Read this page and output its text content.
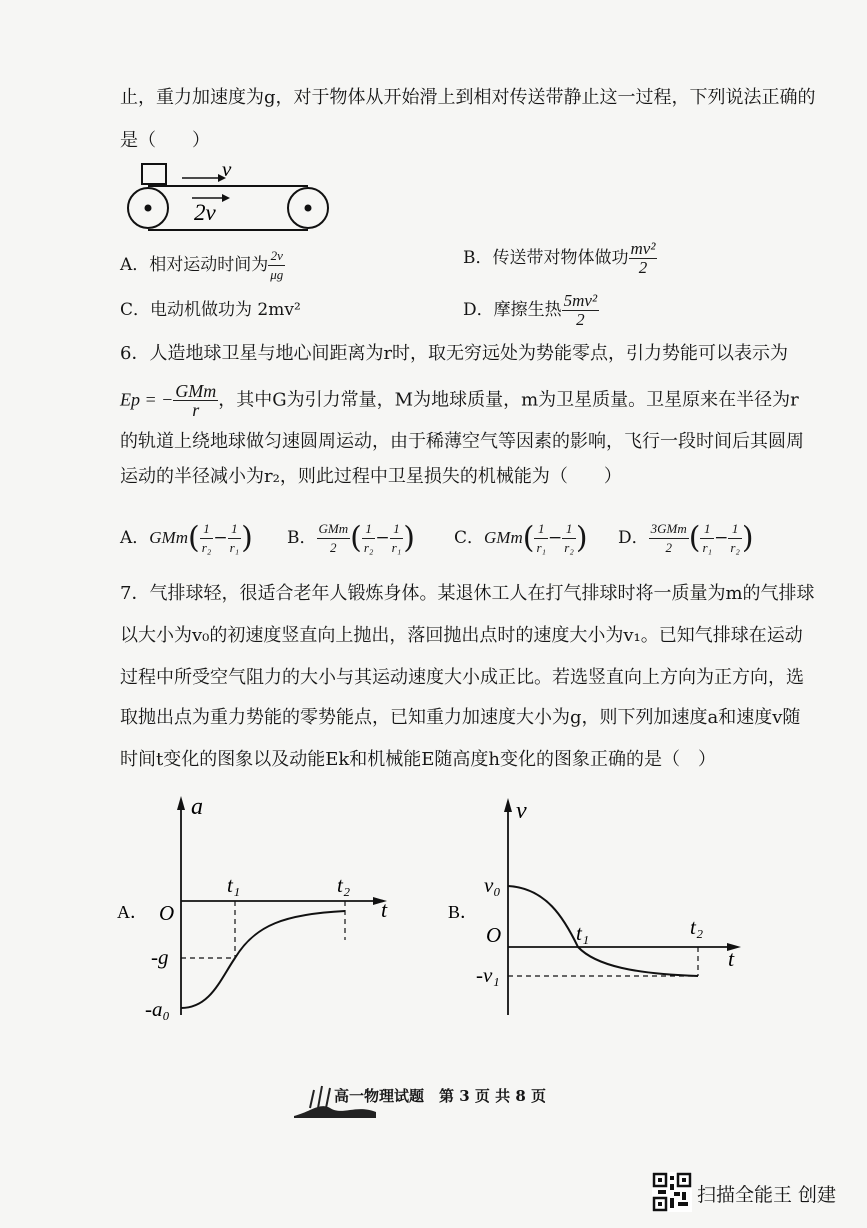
止，重力加速度为g，对于物体从开始滑上到相对传送带静止这一过程，下列说法正确的
是（　　）
v
2v
A．相对运动时间为 $\frac{2v}{\mu g}$	B．传送带对物体做功 $\frac{\text{mv²}}{2}$
C．电动机做功为 2mv²	D．摩擦生热 $\frac{\text{5mv²}}{2}$
6．人造地球卫星与地心间距离为r时，取无穷远处为势能零点，引力势能可以表示为
Ep = − $\frac{\text{GMm}}{r}$ ，其中G为引力常量，M为地球质量，m为卫星质量。卫星原来在半径为r
的轨道上绕地球做匀速圆周运动，由于稀薄空气等因素的影响，飞行一段时间后其圆周
运动的半径减小为r₂，则此过程中卫星损失的机械能为（　　）
A．$GMm( \frac{1}{\text{r₂}} - \frac{1}{\text{r₁}}$ ) B． $\frac{\text{GMm}}{2}$ ( $\frac{1}{\text{r₂}} - \frac{1}{\text{r₁}}$ ) C．$GMm( \frac{1}{\text{r₁}} - \frac{1}{\text{r₂}}$ ) D． $\frac{\text{3GMm}}{2}$ ( $\frac{1}{\text{r₁}} - \frac{1}{\text{r₂}}$ )
7．气排球轻，很适合老年人锻炼身体。某退休工人在打气排球时将一质量为m的气排球
以大小为v₀的初速度竖直向上抛出，落回抛出点时的速度大小为v₁。已知气排球在运动
过程中所受空气阻力的大小与其运动速度大小成正比。若选竖直向上方向为正方向，选
取抛出点为重力势能的零势能点，已知重力加速度大小为g，则下列加速度a和速度v随
时间t变化的图象以及动能Ek和机械能E随高度h变化的图象正确的是（　）
A．
a
t
O
t₁	t₂
-g
-a₀
B．
v
t
O
v₀
t₁	t₂
-v₁
高一物理试题　第 3 页 共 8 页
扫描全能王 创建
